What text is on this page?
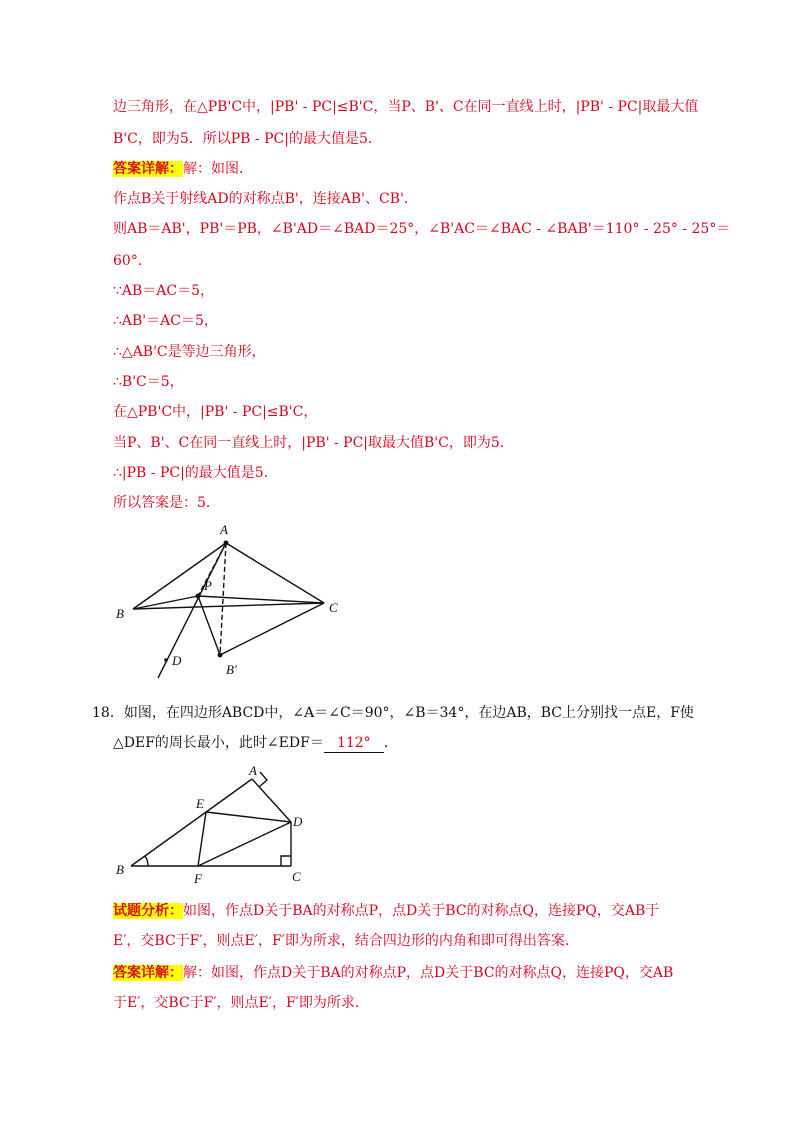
边三角形，在△PB'C中，|PB' - PC|≤B'C，当P、B'、C在同一直线上时，|PB' - PC|取最大值
B'C，即为5．所以PB - PC|的最大值是5．
答案详解：解：如图．
作点B关于射线AD的对称点B'，连接AB'、CB'．
则AB＝AB'，PB'＝PB，∠B'AD＝∠BAD＝25°，∠B'AC＝∠BAC - ∠BAB'＝110° - 25° - 25°＝
60°．
∵AB＝AC＝5，
∴AB'＝AC＝5，
∴△AB'C是等边三角形，
∴B'C＝5，
在△PB'C中，|PB' - PC|≤B'C，
当P、B'、C在同一直线上时，|PB' - PC|取最大值B'C，即为5．
∴|PB - PC|的最大值是5．
所以答案是：5．
A
B	C
P
D
B′
18．如图，在四边形ABCD中，∠A＝∠C＝90°，∠B＝34°，在边AB，BC上分别找一点E，F使
△DEF的周长最小，此时∠EDF＝ 112° ．
A
B	C
D
E
F
试题分析：如图，作点D关于BA的对称点P，点D关于BC的对称点Q，连接PQ，交AB于
E′，交BC于F′，则点E′，F′即为所求，结合四边形的内角和即可得出答案．
答案详解：解：如图，作点D关于BA的对称点P，点D关于BC的对称点Q，连接PQ，交AB
于E′，交BC于F′，则点E′，F′即为所求．
